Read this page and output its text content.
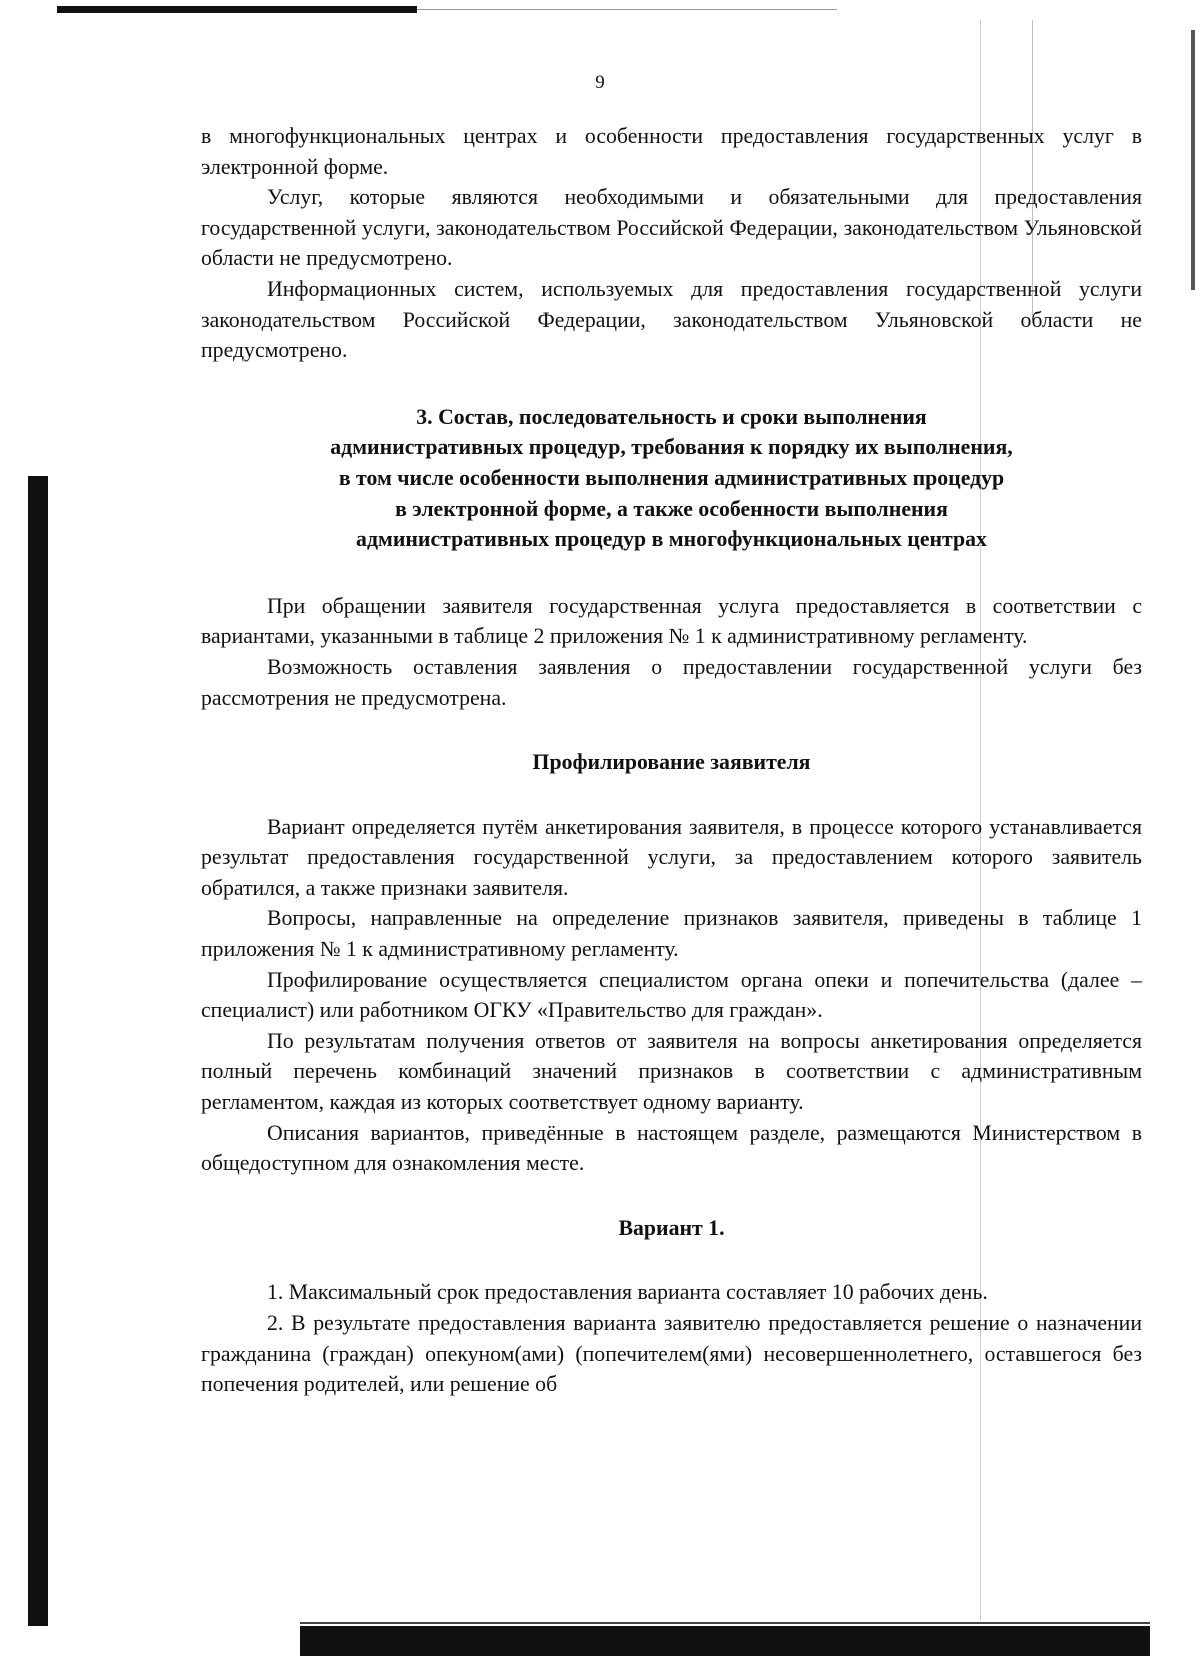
9

в многофункциональных центрах и особенности предоставления государственных услуг в электронной форме.

Услуг, которые являются необходимыми и обязательными для предоставления государственной услуги, законодательством Российской Федерации, законодательством Ульяновской области не предусмотрено.

Информационных систем, используемых для предоставления государственной услуги законодательством Российской Федерации, законодательством Ульяновской области не предусмотрено.

3. Состав, последовательность и сроки выполнения
административных процедур, требования к порядку их выполнения,
в том числе особенности выполнения административных процедур
в электронной форме, а также особенности выполнения
административных процедур в многофункциональных центрах

При обращении заявителя государственная услуга предоставляется в соответствии с вариантами, указанными в таблице 2 приложения № 1 к административному регламенту.

Возможность оставления заявления о предоставлении государственной услуги без рассмотрения не предусмотрена.

Профилирование заявителя

Вариант определяется путём анкетирования заявителя, в процессе которого устанавливается результат предоставления государственной услуги, за предоставлением которого заявитель обратился, а также признаки заявителя.

Вопросы, направленные на определение признаков заявителя, приведены в таблице 1 приложения № 1 к административному регламенту.

Профилирование осуществляется специалистом органа опеки и попечительства (далее – специалист) или работником ОГКУ «Правительство для граждан».

По результатам получения ответов от заявителя на вопросы анкетирования определяется полный перечень комбинаций значений признаков в соответствии с административным регламентом, каждая из которых соответствует одному варианту.

Описания вариантов, приведённые в настоящем разделе, размещаются Министерством в общедоступном для ознакомления месте.

Вариант 1.

1. Максимальный срок предоставления варианта составляет 10 рабочих день.

2. В результате предоставления варианта заявителю предоставляется решение о назначении гражданина (граждан) опекуном(ами) (попечителем(ями) несовершеннолетнего, оставшегося без попечения родителей, или решение об
